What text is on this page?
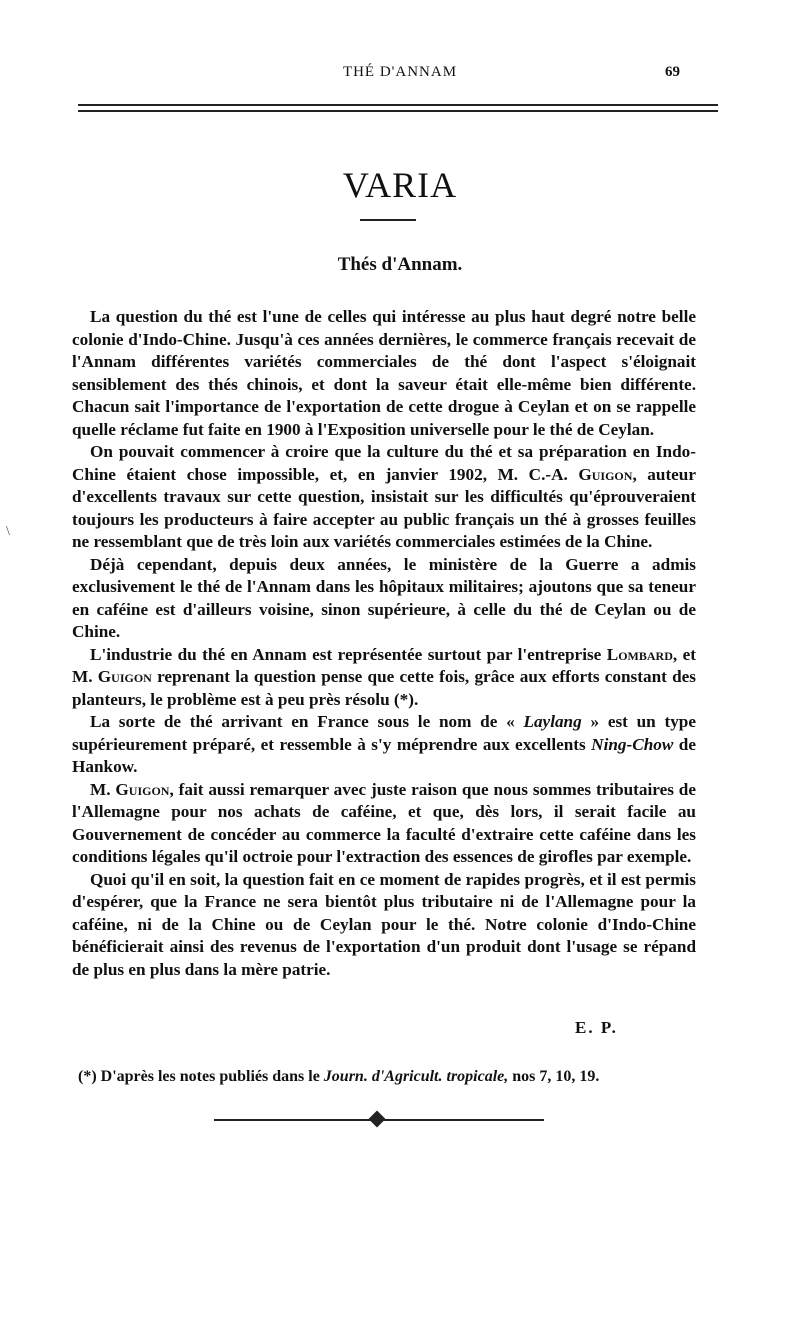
THÉ D'ANNAM	69
\
VARIA
Thés d'Annam.

La question du thé est l'une de celles qui intéresse au plus haut degré notre belle colonie d'Indo-Chine. Jusqu'à ces années dernières, le commerce français recevait de l'Annam différentes variétés commerciales de thé dont l'aspect s'éloignait sensiblement des thés chinois, et dont la saveur était elle-même bien différente. Chacun sait l'importance de l'exportation de cette drogue à Ceylan et on se rappelle quelle réclame fut faite en 1900 à l'Exposition universelle pour le thé de Ceylan.

On pouvait commencer à croire que la culture du thé et sa préparation en Indo-Chine étaient chose impossible, et, en janvier 1902, M. C.-A. Guigon, auteur d'excellents travaux sur cette question, insistait sur les difficultés qu'éprouveraient toujours les producteurs à faire accepter au public français un thé à grosses feuilles ne ressemblant que de très loin aux variétés commerciales estimées de la Chine.

Déjà cependant, depuis deux années, le ministère de la Guerre a admis exclusivement le thé de l'Annam dans les hôpitaux militaires; ajoutons que sa teneur en caféine est d'ailleurs voisine, sinon supérieure, à celle du thé de Ceylan ou de Chine.

L'industrie du thé en Annam est représentée surtout par l'entreprise Lombard, et M. Guigon reprenant la question pense que cette fois, grâce aux efforts constant des planteurs, le problème est à peu près résolu (*).

La sorte de thé arrivant en France sous le nom de « Laylang » est un type supérieurement préparé, et ressemble à s'y méprendre aux excellents Ning-Chow de Hankow.

M. Guigon, fait aussi remarquer avec juste raison que nous sommes tributaires de l'Allemagne pour nos achats de caféine, et que, dès lors, il serait facile au Gouvernement de concéder au commerce la faculté d'extraire cette caféine dans les conditions légales qu'il octroie pour l'extraction des essences de girofles par exemple.

Quoi qu'il en soit, la question fait en ce moment de rapides progrès, et il est permis d'espérer, que la France ne sera bientôt plus tributaire ni de l'Allemagne pour la caféine, ni de la Chine ou de Ceylan pour le thé. Notre colonie d'Indo-Chine bénéficierait ainsi des revenus de l'exportation d'un produit dont l'usage se répand de plus en plus dans la mère patrie.

E. P.
(*) D'après les notes publiés dans le Journ. d'Agricult. tropicale, nos 7, 10, 19.
